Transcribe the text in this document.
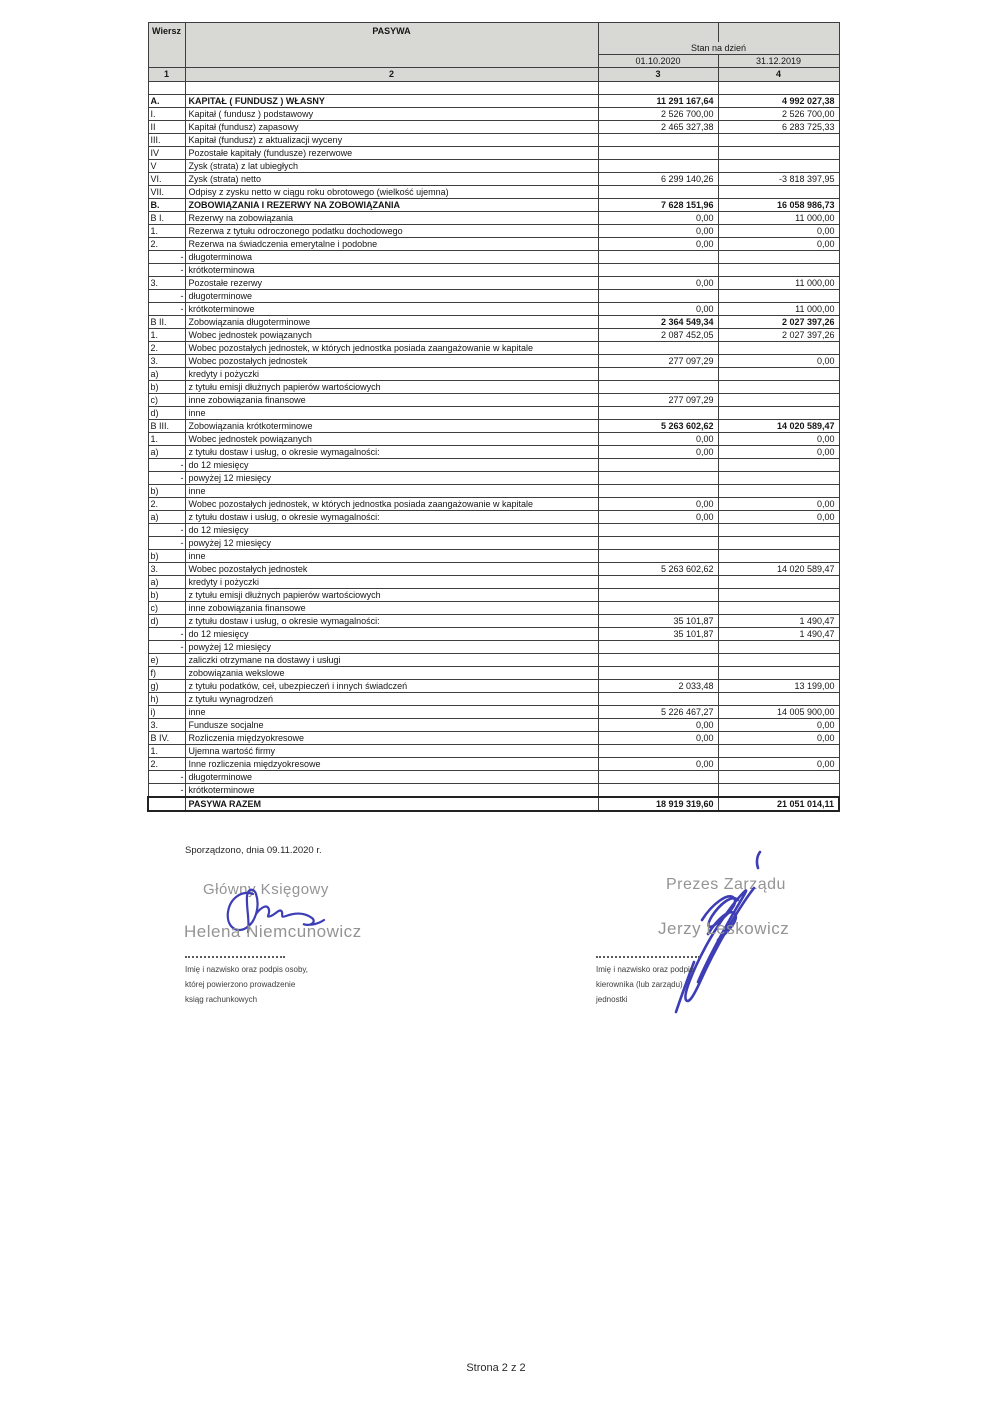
Wiersz	PASYWA		
		Stan na dzień	
		01.10.2020	31.12.2019
1	2	3	4

A.	KAPITAŁ ( FUNDUSZ ) WŁASNY	11 291 167,64	4 992 027,38
I.	Kapitał ( fundusz ) podstawowy	2 526 700,00	2 526 700,00
II	Kapitał (fundusz) zapasowy	2 465 327,38	6 283 725,33
III.	Kapitał (fundusz) z aktualizacji wyceny		
IV	Pozostałe kapitały (fundusze) rezerwowe		
V	Zysk (strata) z lat ubiegłych		
VI.	Zysk (strata) netto	6 299 140,26	-3 818 397,95
VII.	Odpisy z zysku netto w ciągu roku obrotowego (wielkość ujemna)		
B.	ZOBOWIĄZANIA I REZERWY NA ZOBOWIĄZANIA	7 628 151,96	16 058 986,73
B I.	Rezerwy na zobowiązania	0,00	11 000,00
1.	Rezerwa z tytułu odroczonego podatku dochodowego	0,00	0,00
2.	Rezerwa na świadczenia emerytalne i podobne	0,00	0,00
-	długoterminowa		
-	krótkoterminowa		
3.	Pozostałe rezerwy	0,00	11 000,00
-	długoterminowe		
-	krótkoterminowe	0,00	11 000,00
B II.	Zobowiązania długoterminowe	2 364 549,34	2 027 397,26
1.	Wobec jednostek powiązanych	2 087 452,05	2 027 397,26
2.	Wobec pozostałych jednostek, w których jednostka posiada zaangażowanie w kapitale		
3.	Wobec pozostałych jednostek	277 097,29	0,00
a)	kredyty i pożyczki		
b)	z tytułu emisji dłużnych papierów wartościowych		
c)	inne zobowiązania finansowe	277 097,29	
d)	inne		
B III.	Zobowiązania krótkoterminowe	5 263 602,62	14 020 589,47
1.	Wobec jednostek powiązanych	0,00	0,00
a)	z tytułu dostaw i usług, o okresie wymagalności:	0,00	0,00
-	do 12 miesięcy		
-	powyżej 12 miesięcy		
b)	inne		
2.	Wobec pozostałych jednostek, w których jednostka posiada zaangażowanie w kapitale	0,00	0,00
a)	z tytułu dostaw i usług, o okresie wymagalności:	0,00	0,00
-	do 12 miesięcy		
-	powyżej 12 miesięcy		
b)	inne		
3.	Wobec pozostałych jednostek	5 263 602,62	14 020 589,47
a)	kredyty i pożyczki		
b)	z tytułu emisji dłużnych papierów wartościowych		
c)	inne zobowiązania finansowe		
d)	z tytułu dostaw i usług, o okresie wymagalności:	35 101,87	1 490,47
-	do 12 miesięcy	35 101,87	1 490,47
-	powyżej 12 miesięcy		
e)	zaliczki otrzymane na dostawy i usługi		
f)	zobowiązania wekslowe		
g)	z tytułu podatków, ceł, ubezpieczeń i innych świadczeń	2 033,48	13 199,00
h)	z tytułu wynagrodzeń		
i)	inne	5 226 467,27	14 005 900,00
3.	Fundusze socjalne	0,00	0,00
B IV.	Rozliczenia międzyokresowe	0,00	0,00
1.	Ujemna wartość firmy		
2.	Inne rozliczenia międzyokresowe	0,00	0,00
-	długoterminowe		
-	krótkoterminowe		
	PASYWA RAZEM	18 919 319,60	21 051 014,11
Sporządzono, dnia 09.11.2020 r.
Główny Księgowy
Helena Niemcunowicz
Imię i nazwisko oraz podpis osoby,
której powierzono prowadzenie
ksiąg rachunkowych
Prezes Zarządu
Jerzy Leskowicz
Imię i nazwisko oraz podpis
kierownika (lub zarządu)
jednostki
Strona 2 z 2
